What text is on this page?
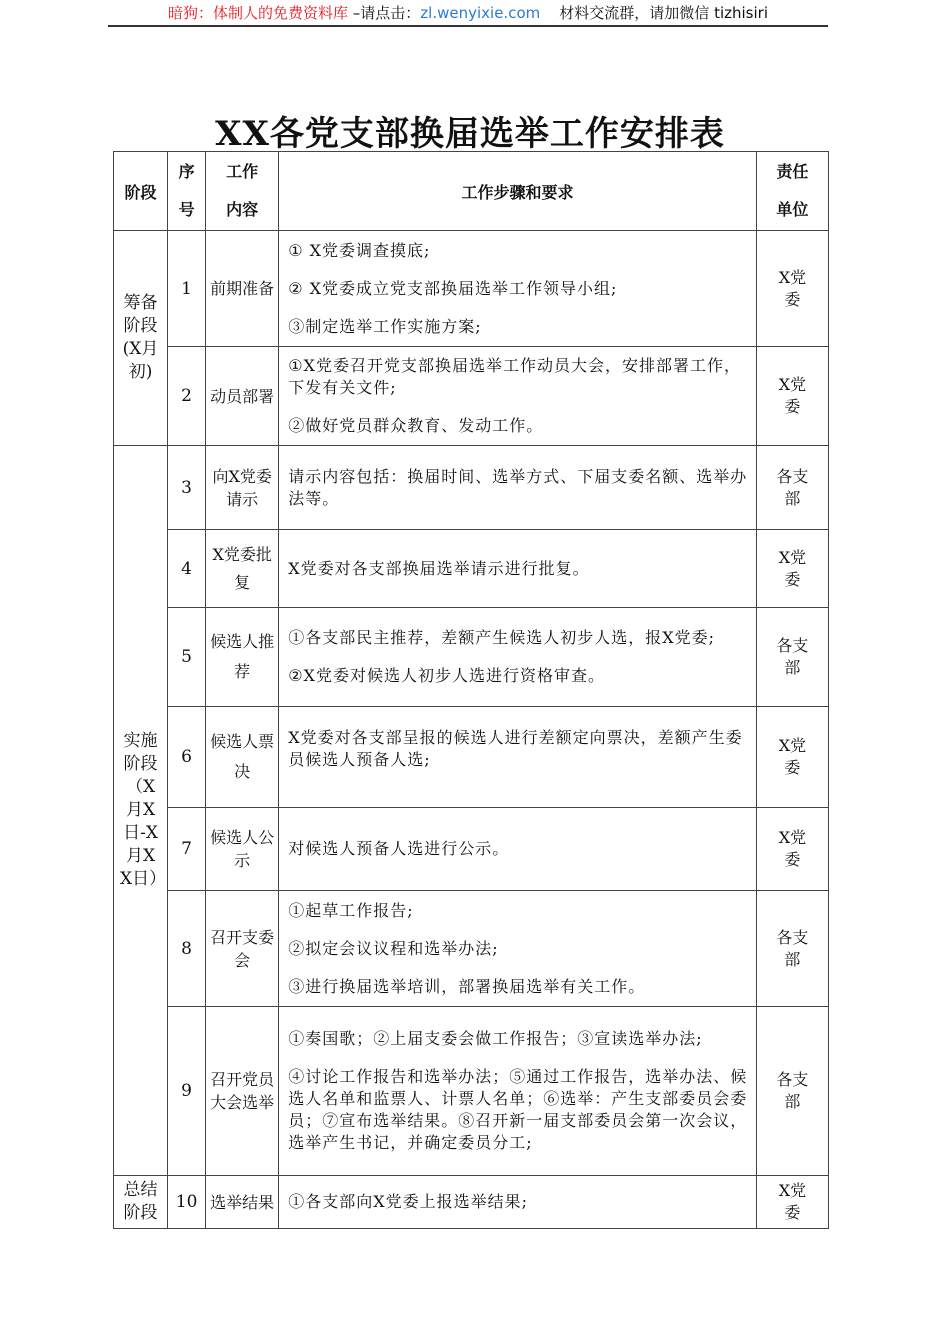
暗狗：体制人的免费资料库 –请点击：zl.wenyixie.com    材料交流群，请加微信 tizhisiri
XX各党支部换届选举工作安排表
阶段	序号	工作内容	工作步骤和要求	责任单位
筹备阶段(X月初)	1	前期准备	① X党委调查摸底;

② X党委成立党支部换届选举工作领导小组;

③制定选举工作实施方案;	X党委
	2	动员部署	①X党委召开党支部换届选举工作动员大会，安排部署工作，下发有关文件;

②做好党员群众教育、发动工作。	X党委
实施阶段（X月X日-X月XX日）	3	向X党委请示	请示内容包括：换届时间、选举方式、下届支委名额、选举办法等。	各支部
	4	X党委批复	X党委对各支部换届选举请示进行批复。	X党委
	5	候选人推荐	①各支部民主推荐，差额产生候选人初步人选，报X党委;

②X党委对候选人初步人选进行资格审查。	各支部
	6	候选人票决	X党委对各支部呈报的候选人进行差额定向票决，差额产生委员候选人预备人选;	X党委
	7	候选人公示	对候选人预备人选进行公示。	X党委
	8	召开支委会	①起草工作报告;

②拟定会议议程和选举办法;

③进行换届选举培训，部署换届选举有关工作。	各支部
	9	召开党员大会选举	①奏国歌；②上届支委会做工作报告；③宣读选举办法;

④讨论工作报告和选举办法；⑤通过工作报告，选举办法、候选人名单和监票人、计票人名单；⑥选举：产生支部委员会委员；⑦宣布选举结果。⑧召开新一届支部委员会第一次会议，选举产生书记，并确定委员分工;	各支部
总结阶段	10	选举结果	①各支部向X党委上报选举结果;	X党委
